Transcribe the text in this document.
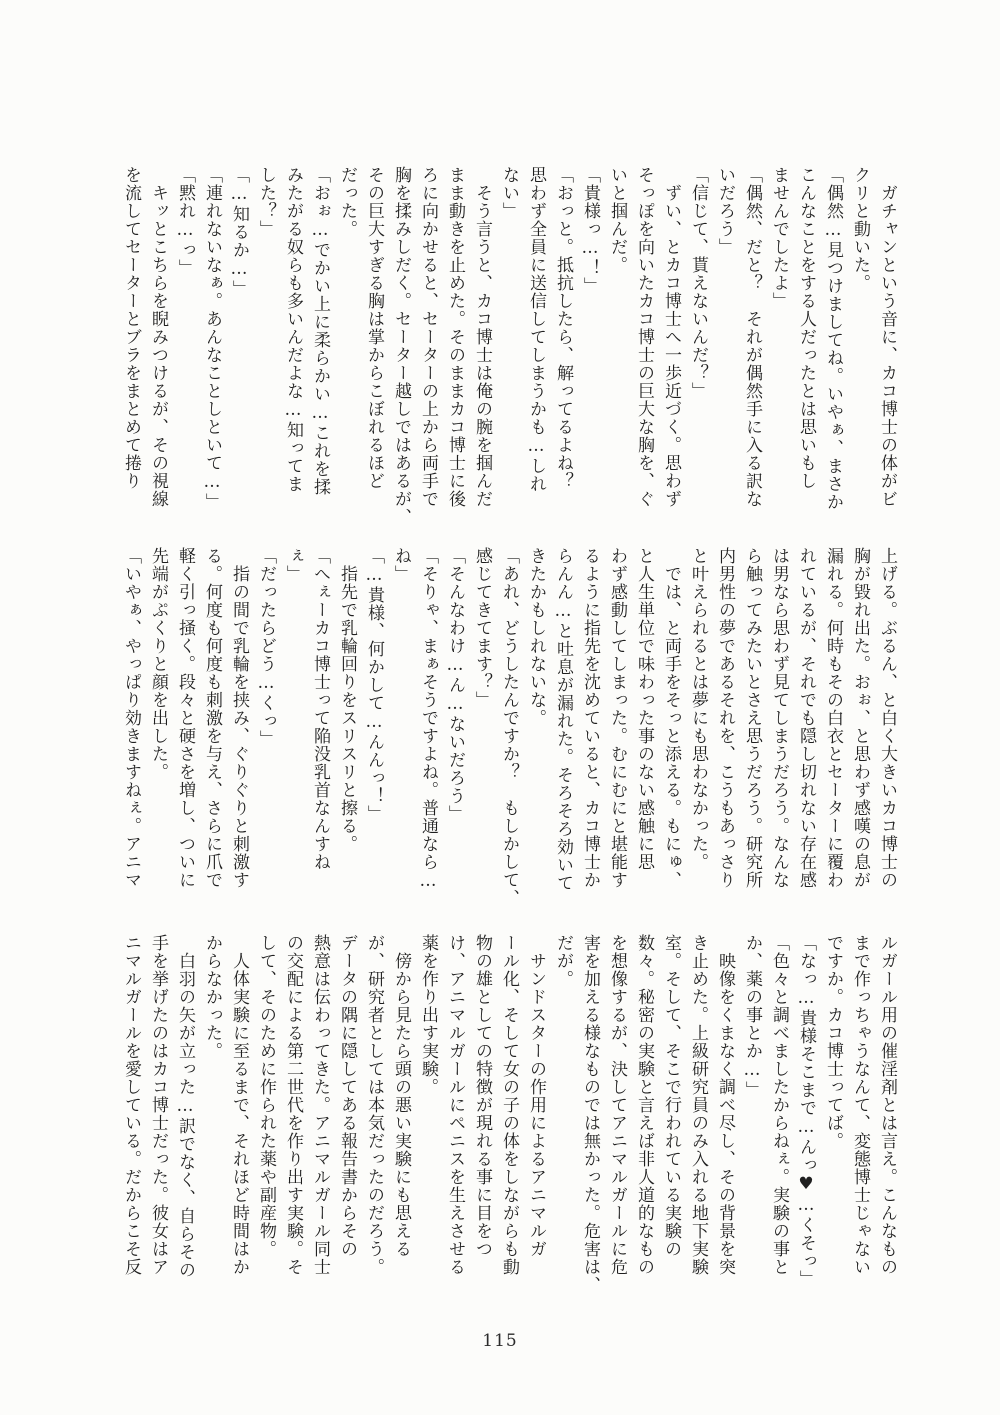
ガチャンという音に、カコ博士の体がビ
クリと動いた。
「偶然…見つけましてね。いやぁ、まさか
こんなことをする人だったとは思いもし
ませんでしたよ」
「偶然、だと？　それが偶然手に入る訳な
いだろう」
「信じて、貰えないんだ？」
ずい、とカコ博士へ一歩近づく。思わず
そっぽを向いたカコ博士の巨大な胸を、ぐ
いと掴んだ。
「貴様っ…！」
「おっと。抵抗したら、解ってるよね？
思わず全員に送信してしまうかも…しれ
ない」
そう言うと、カコ博士は俺の腕を掴んだ
まま動きを止めた。そのままカコ博士に後
ろに向かせると、セーターの上から両手で
胸を揉みしだく。セーター越しではあるが、
その巨大すぎる胸は掌からこぼれるほど
だった。
「おぉ…でかい上に柔らかい…これを揉
みたがる奴らも多いんだよな…知ってま
した？」
「…知るか…」
「連れないなぁ。あんなことしといて…」
「黙れ…っ」
キッとこちらを睨みつけるが、その視線
を流してセーターとブラをまとめて捲り
上げる。ぶるん、と白く大きいカコ博士の
胸が毀れ出た。おぉ、と思わず感嘆の息が
漏れる。何時もその白衣とセーターに覆わ
れているが、それでも隠し切れない存在感
は男なら思わず見てしまうだろう。なんな
ら触ってみたいとさえ思うだろう。研究所
内男性の夢であるそれを、こうもあっさり
と叶えられるとは夢にも思わなかった。
では、と両手をそっと添える。もにゅ、
と人生単位で味わった事のない感触に思
わず感動してしまった。むにむにと堪能す
るように指先を沈めていると、カコ博士か
らんん…と吐息が漏れた。そろそろ効いて
きたかもしれないな。
「あれ、どうしたんですか？　もしかして、
感じてきてます？」
「そんなわけ…ん…ないだろう」
「そりゃ、まぁそうですよね。普通なら…
ね」
「…貴様、何かして…んんっ！」
指先で乳輪回りをスリスリと擦る。
「へぇーカコ博士って陥没乳首なんすね
ぇ」
「だったらどう…くっ」
指の間で乳輪を挟み、ぐりぐりと刺激す
る。何度も何度も刺激を与え、さらに爪で
軽く引っ掻く。段々と硬さを増し、ついに
先端がぷくりと顔を出した。
「いやぁ、やっぱり効きますねぇ。アニマ
ルガール用の催淫剤とは言え。こんなもの
まで作っちゃうなんて、変態博士じゃない
ですか。カコ博士ってば。
「なっ…貴様そこまで…んっ♥…くそっ」
「色々と調べましたからねぇ。実験の事と
か、薬の事とか…」
映像をくまなく調べ尽し、その背景を突
き止めた。上級研究員のみ入れる地下実験
室。そして、そこで行われている実験の
数々。秘密の実験と言えば非人道的なもの
を想像するが、決してアニマルガールに危
害を加える様なものでは無かった。危害は、
だが。
サンドスターの作用によるアニマルガ
ール化、そして女の子の体をしながらも動
物の雄としての特徴が現れる事に目をつ
け、アニマルガールにペニスを生えさせる
薬を作り出す実験。
傍から見たら頭の悪い実験にも思える
が、研究者としては本気だったのだろう。
データの隅に隠してある報告書からその
熱意は伝わってきた。アニマルガール同士
の交配による第二世代を作り出す実験。そ
して、そのために作られた薬や副産物。
人体実験に至るまで、それほど時間はか
からなかった。
白羽の矢が立った…訳でなく、自らその
手を挙げたのはカコ博士だった。彼女はア
ニマルガールを愛している。だからこそ反
115
